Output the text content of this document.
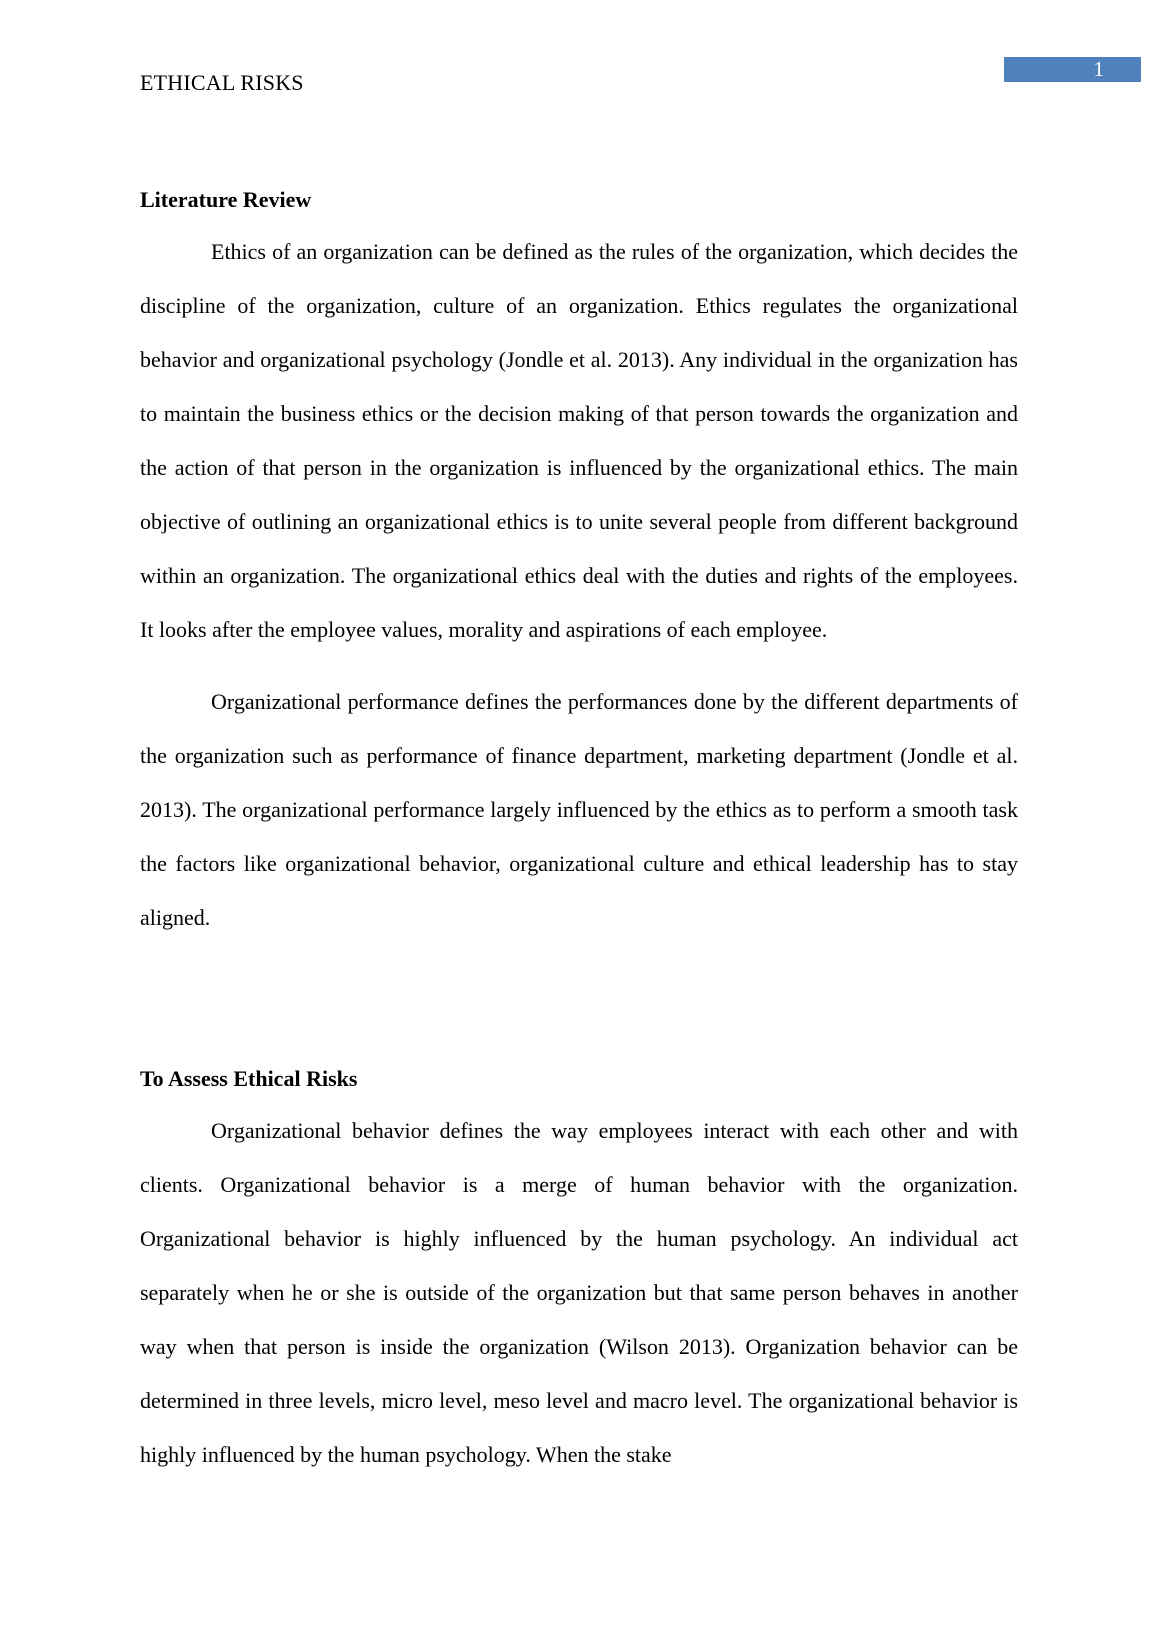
ETHICAL RISKS
1
Literature Review

Ethics of an organization can be defined as the rules of the organization, which decides the discipline of the organization, culture of an organization. Ethics regulates the organizational behavior and organizational psychology (Jondle et al. 2013). Any individual in the organization has to maintain the business ethics or the decision making of that person towards the organization and the action of that person in the organization is influenced by the organizational ethics. The main objective of outlining an organizational ethics is to unite several people from different background within an organization. The organizational ethics deal with the duties and rights of the employees. It looks after the employee values, morality and aspirations of each employee.

Organizational performance defines the performances done by the different departments of the organization such as performance of finance department, marketing department (Jondle et al. 2013). The organizational performance largely influenced by the ethics as to perform a smooth task the factors like organizational behavior, organizational culture and ethical leadership has to stay aligned.

To Assess Ethical Risks

Organizational behavior defines the way employees interact with each other and with clients. Organizational behavior is a merge of human behavior with the organization. Organizational behavior is highly influenced by the human psychology. An individual act separately when he or she is outside of the organization but that same person behaves in another way when that person is inside the organization (Wilson 2013). Organization behavior can be determined in three levels, micro level, meso level and macro level. The organizational behavior is highly influenced by the human psychology. When the stake
